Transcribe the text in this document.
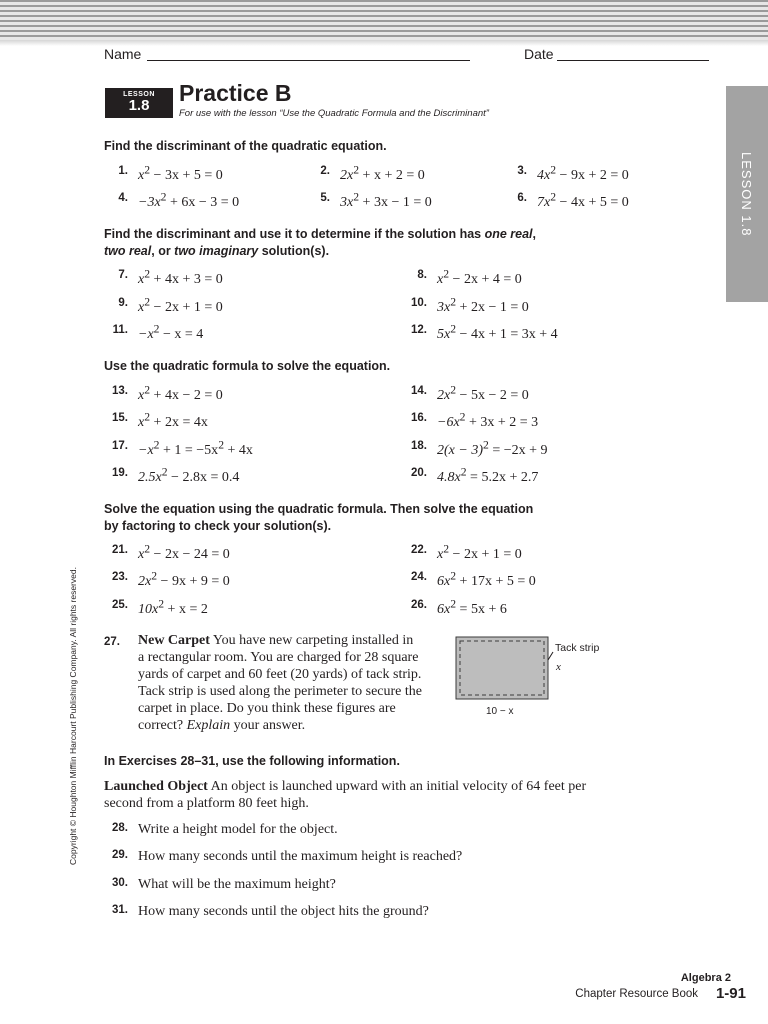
Name	Date
LESSON
1.8	Practice B
For use with the lesson “Use the Quadratic Formula and the Discriminant”
LESSON 1.8
Find the discriminant of the quadratic equation.
1. $x^2 - 3x + 5 = 0$	2. $2x^2 + x + 2 = 0$	3. $4x^2 - 9x + 2 = 0$
4. $-3x^2 + 6x - 3 = 0$	5. $3x^2 + 3x - 1 = 0$	6. $7x^2 - 4x + 5 = 0$
Find the discriminant and use it to determine if the solution has one real,
two real, or two imaginary solution(s).
7. $x^2 + 4x + 3 = 0$	8. $x^2 - 2x + 4 = 0$
9. $x^2 - 2x + 1 = 0$	10. $3x^2 + 2x - 1 = 0$
11. $-x^2 - x = 4$	12. $5x^2 - 4x + 1 = 3x + 4$
Use the quadratic formula to solve the equation.
13. $x^2 + 4x - 2 = 0$	14. $2x^2 - 5x - 2 = 0$
15. $x^2 + 2x = 4x$	16. $-6x^2 + 3x + 2 = 3$
17. $-x^2 + 1 = -5x^2 + 4x$	18. $2(x - 3)^2 = -2x + 9$
19. $2.5x^2 - 2.8x = 0.4$	20. $4.8x^2 = 5.2x + 2.7$
Solve the equation using the quadratic formula. Then solve the equation
by factoring to check your solution(s).
21. $x^2 - 2x - 24 = 0$	22. $x^2 - 2x + 1 = 0$
23. $2x^2 - 9x + 9 = 0$	24. $6x^2 + 17x + 5 = 0$
25. $10x^2 + x = 2$	26. $6x^2 = 5x + 6$
27. New Carpet You have new carpeting installed in
a rectangular room. You are charged for 28 square
yards of carpet and 60 feet (20 yards) of tack strip.
Tack strip is used along the perimeter to secure the
carpet in place. Do you think these figures are
correct? Explain your answer.
Tack strip
x
10 − x
In Exercises 28–31, use the following information.
Launched Object An object is launched upward with an initial velocity of 64 feet per
second from a platform 80 feet high.
28. Write a height model for the object.
29. How many seconds until the maximum height is reached?
30. What will be the maximum height?
31. How many seconds until the object hits the ground?
Copyright © Houghton Mifflin Harcourt Publishing Company. All rights reserved.
Algebra 2
Chapter Resource Book 1-91
